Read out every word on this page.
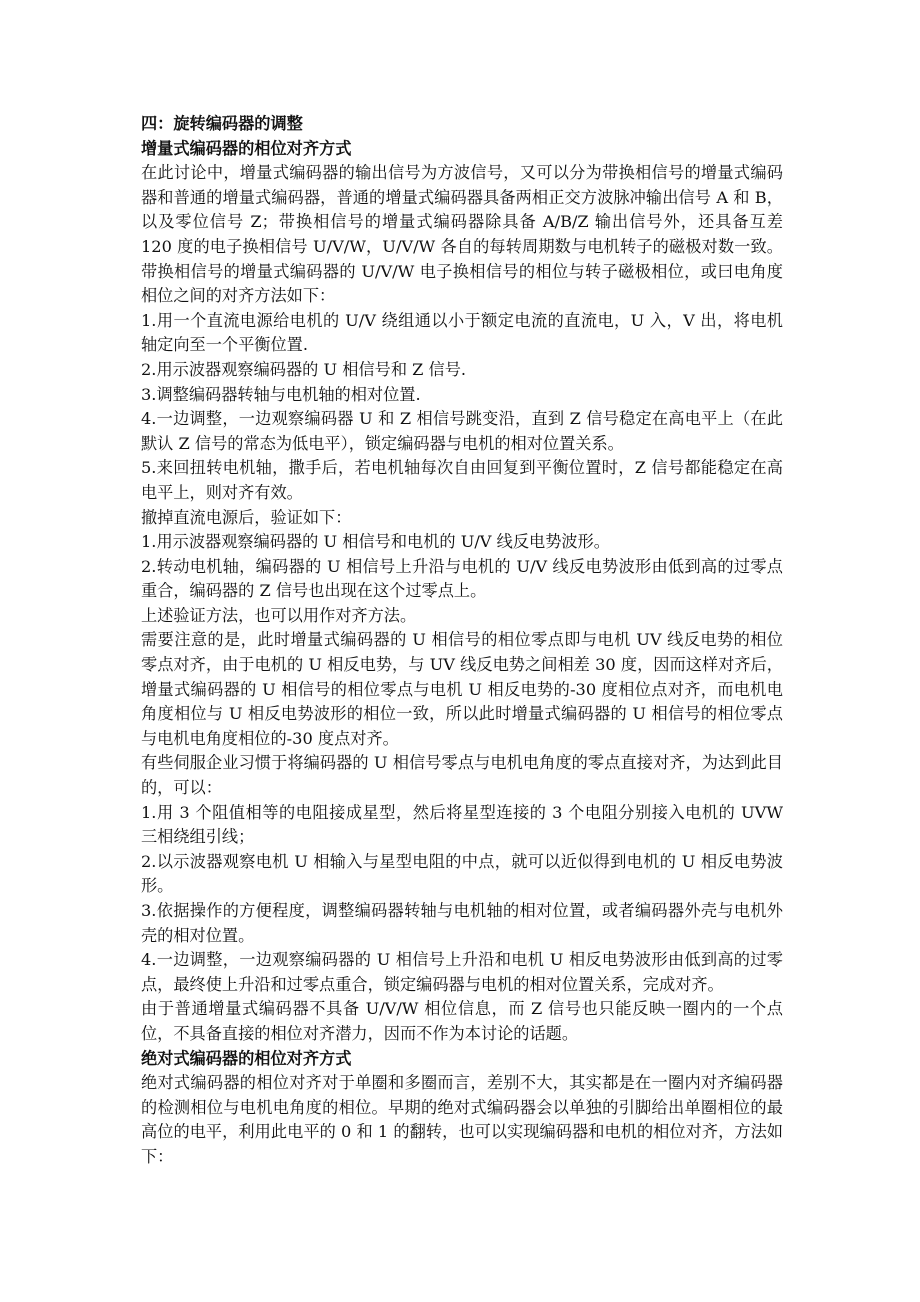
四：旋转编码器的调整

增量式编码器的相位对齐方式

在此讨论中，增量式编码器的输出信号为方波信号，又可以分为带换相信号的增量式编码器和普通的增量式编码器，普通的增量式编码器具备两相正交方波脉冲输出信号 A 和 B，以及零位信号 Z；带换相信号的增量式编码器除具备 A/B/Z 输出信号外，还具备互差 120 度的电子换相信号 U/V/W，U/V/W 各自的每转周期数与电机转子的磁极对数一致。带换相信号的增量式编码器的 U/V/W 电子换相信号的相位与转子磁极相位，或曰电角度相位之间的对齐方法如下：

1.用一个直流电源给电机的 U/V 绕组通以小于额定电流的直流电，U 入，V 出，将电机轴定向至一个平衡位置.

2.用示波器观察编码器的 U 相信号和 Z 信号.

3.调整编码器转轴与电机轴的相对位置.

4.一边调整，一边观察编码器 U 和 Z 相信号跳变沿，直到 Z 信号稳定在高电平上（在此默认 Z 信号的常态为低电平），锁定编码器与电机的相对位置关系。

5.来回扭转电机轴，撒手后，若电机轴每次自由回复到平衡位置时，Z 信号都能稳定在高电平上，则对齐有效。

撤掉直流电源后，验证如下：

1.用示波器观察编码器的 U 相信号和电机的 U/V 线反电势波形。

2.转动电机轴，编码器的 U 相信号上升沿与电机的 U/V 线反电势波形由低到高的过零点重合，编码器的 Z 信号也出现在这个过零点上。

上述验证方法，也可以用作对齐方法。

需要注意的是，此时增量式编码器的 U 相信号的相位零点即与电机 UV 线反电势的相位零点对齐，由于电机的 U 相反电势，与 UV 线反电势之间相差 30 度，因而这样对齐后，增量式编码器的 U 相信号的相位零点与电机 U 相反电势的-30 度相位点对齐，而电机电角度相位与 U 相反电势波形的相位一致，所以此时增量式编码器的 U 相信号的相位零点与电机电角度相位的-30 度点对齐。

有些伺服企业习惯于将编码器的 U 相信号零点与电机电角度的零点直接对齐，为达到此目的，可以：

1.用 3 个阻值相等的电阻接成星型，然后将星型连接的 3 个电阻分别接入电机的 UVW 三相绕组引线；

2.以示波器观察电机 U 相输入与星型电阻的中点，就可以近似得到电机的 U 相反电势波形。

3.依据操作的方便程度，调整编码器转轴与电机轴的相对位置，或者编码器外壳与电机外壳的相对位置。

4.一边调整，一边观察编码器的 U 相信号上升沿和电机 U 相反电势波形由低到高的过零点，最终使上升沿和过零点重合，锁定编码器与电机的相对位置关系，完成对齐。

由于普通增量式编码器不具备 U/V/W 相位信息，而 Z 信号也只能反映一圈内的一个点位，不具备直接的相位对齐潜力，因而不作为本讨论的话题。

绝对式编码器的相位对齐方式

绝对式编码器的相位对齐对于单圈和多圈而言，差别不大，其实都是在一圈内对齐编码器的检测相位与电机电角度的相位。早期的绝对式编码器会以单独的引脚给出单圈相位的最高位的电平，利用此电平的 0 和 1 的翻转，也可以实现编码器和电机的相位对齐，方法如下：
